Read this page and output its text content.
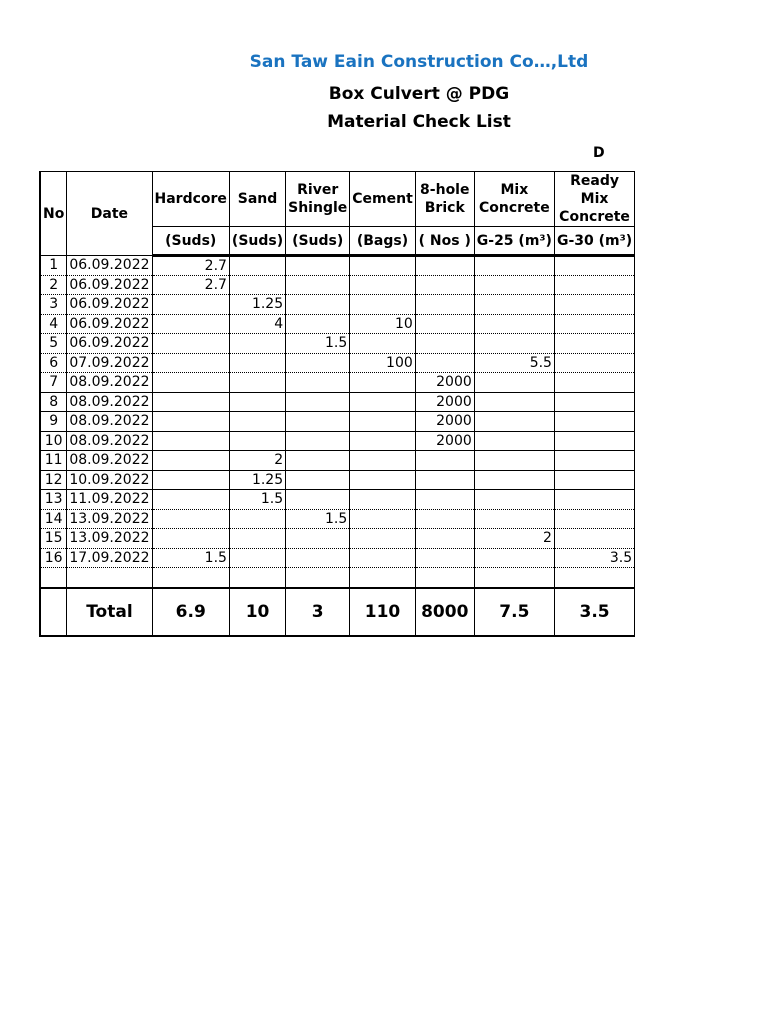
San Taw Eain Construction Co…,Ltd
Box Culvert @ PDG
Material Check List
D
No	Date	Hardcore	Sand	River Shingle	Cement	8-hole Brick	Mix Concrete	Ready Mix Concrete
		(Suds)	(Suds)	(Suds)	(Bags)	( Nos )	G-25 (m³)	G-30 (m³)
1	06.09.2022	2.7						
2	06.09.2022	2.7						
3	06.09.2022		1.25					
4	06.09.2022		4		10			
5	06.09.2022			1.5				
6	07.09.2022				100		5.5	
7	08.09.2022					2000		
8	08.09.2022					2000		
9	08.09.2022					2000		
10	08.09.2022					2000		
11	08.09.2022		2					
12	10.09.2022		1.25					
13	11.09.2022		1.5					
14	13.09.2022			1.5				
15	13.09.2022						2	
16	17.09.2022	1.5						3.5

	Total	6.9	10	3	110	8000	7.5	3.5
